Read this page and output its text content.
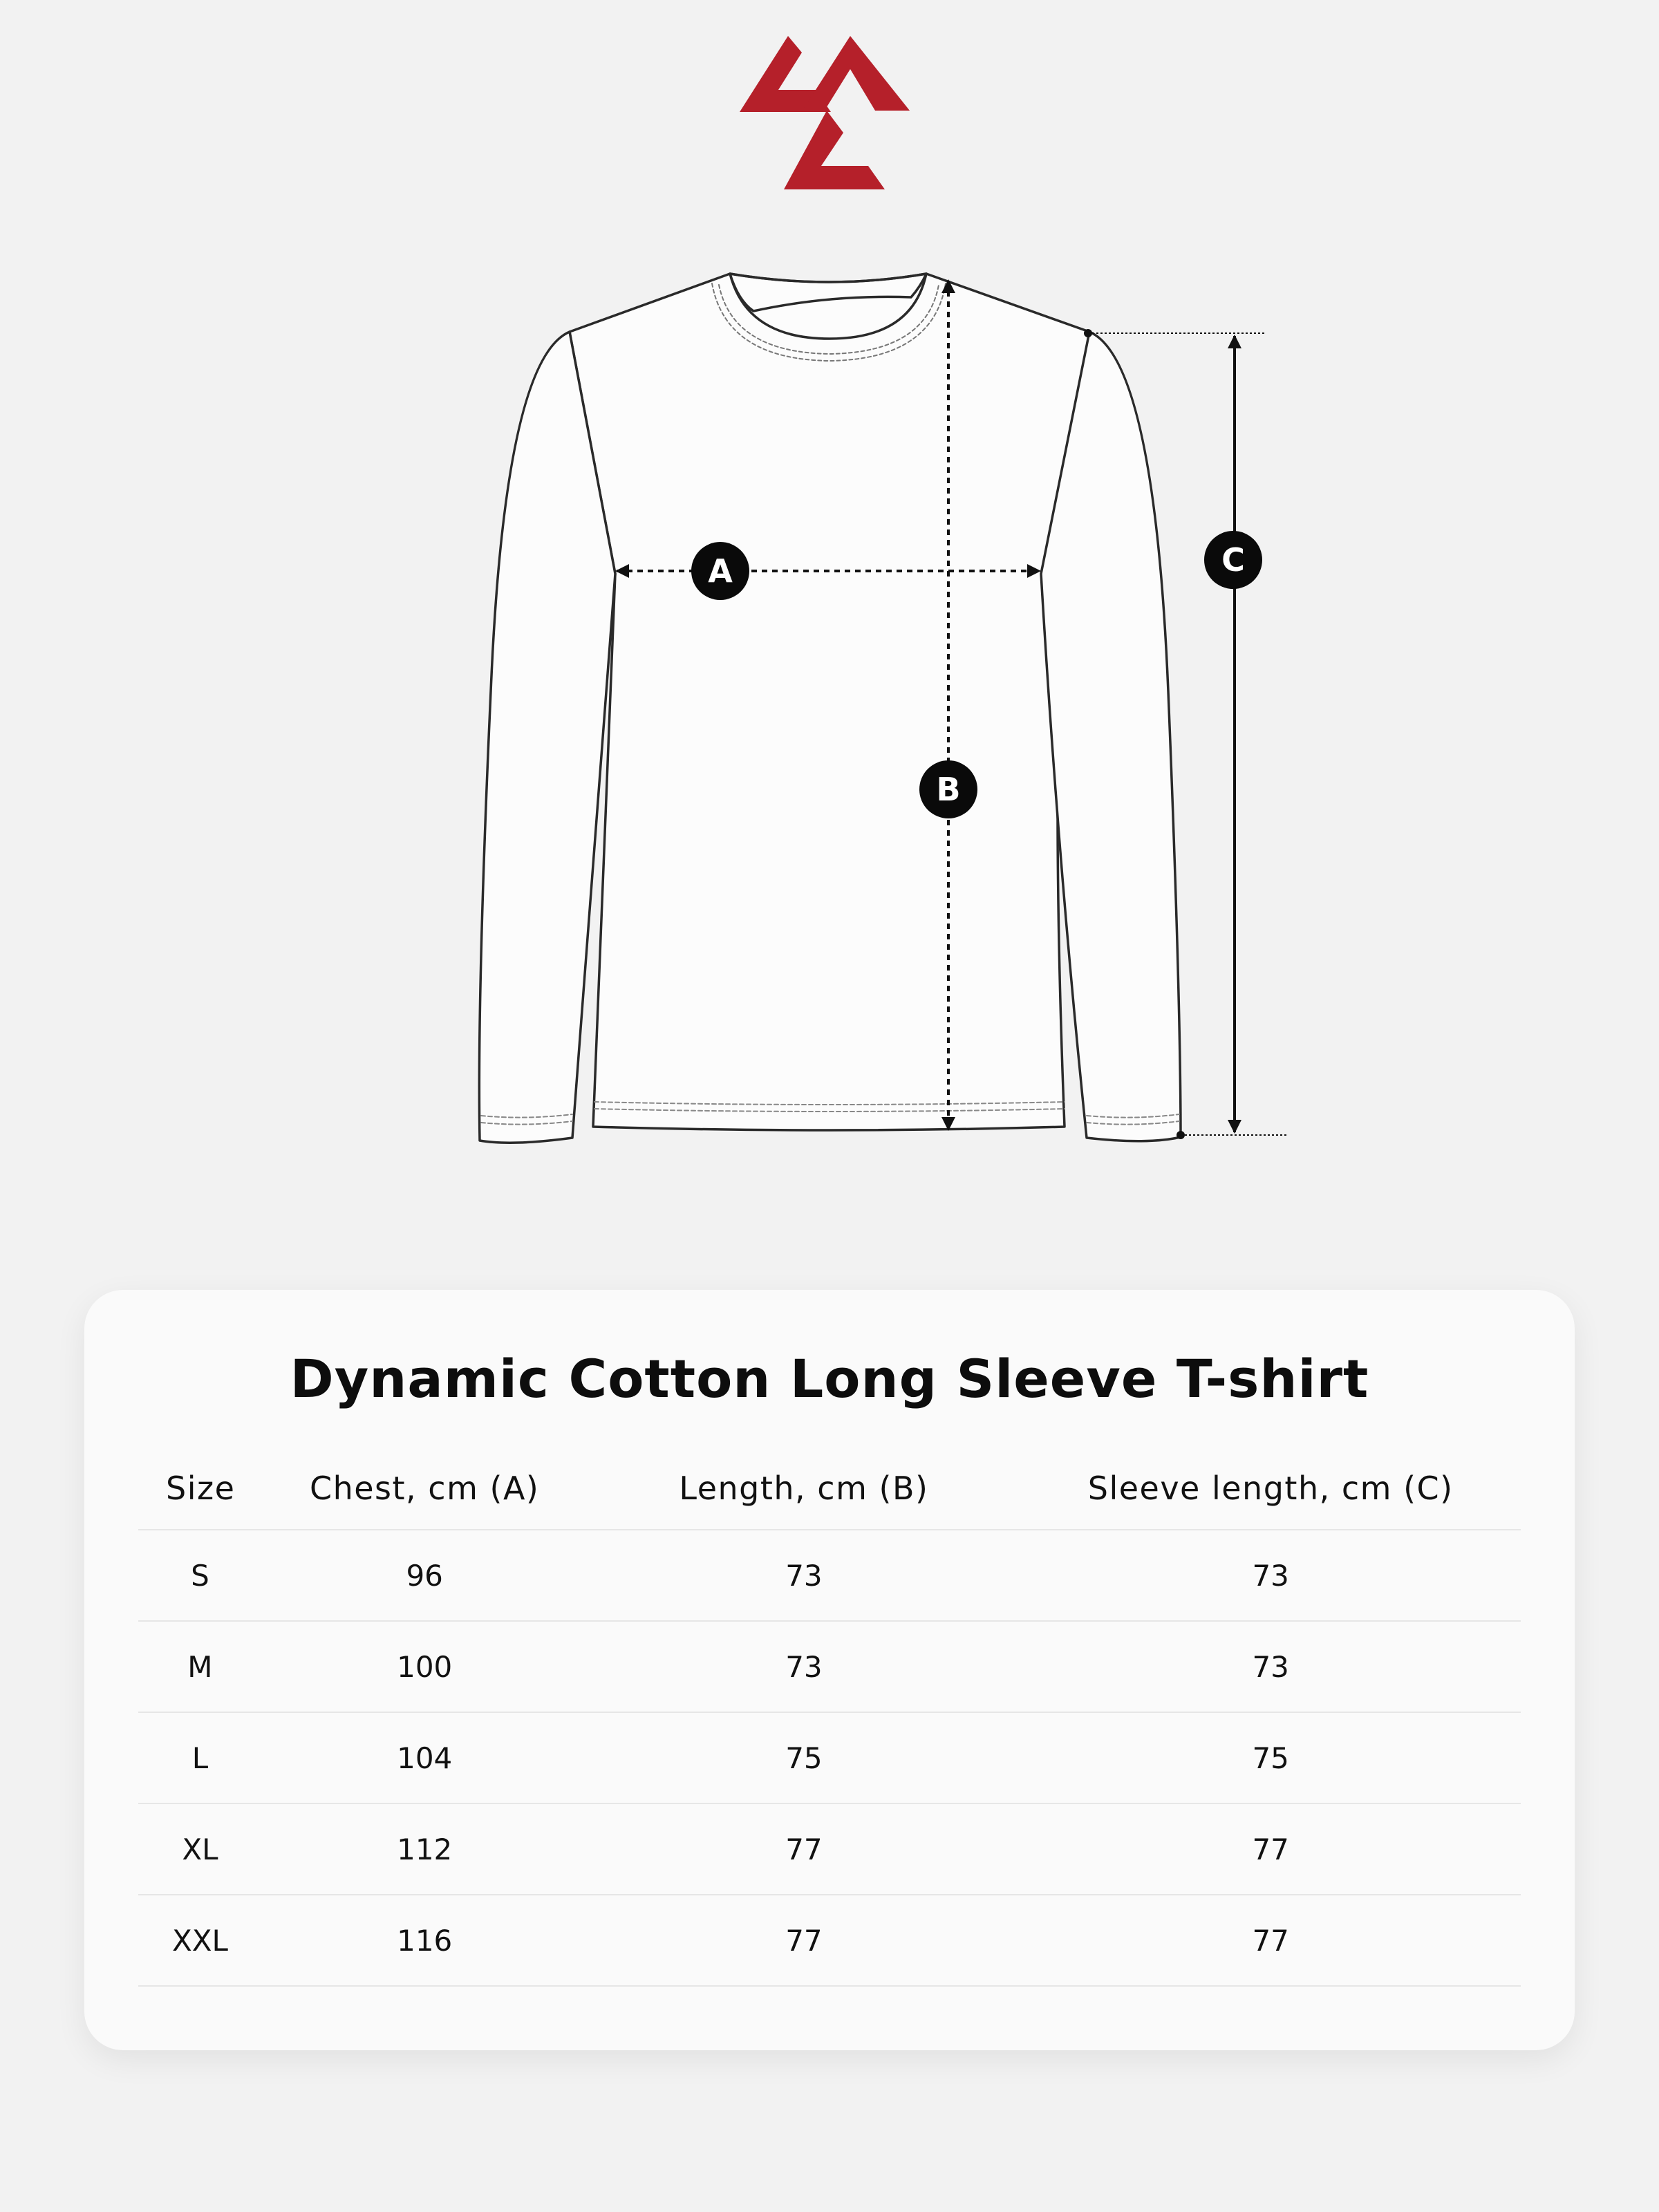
A
B
C
Dynamic Cotton Long Sleeve T-shirt
Size	Chest, cm (A)	Length, cm (B)	Sleeve length, cm (C)
S	96	73	73
M	100	73	73
L	104	75	75
XL	112	77	77
XXL	116	77	77
